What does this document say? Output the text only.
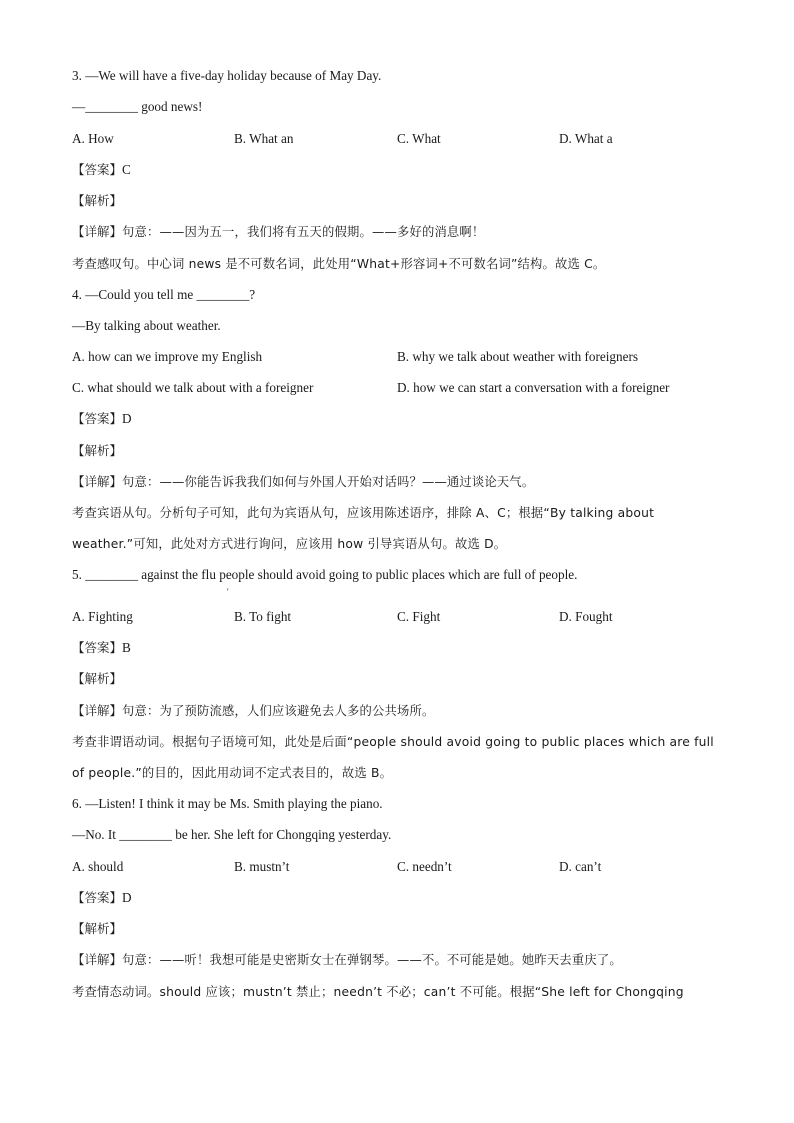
3. —We will have a five-day holiday because of May Day.
—________ good news!
A. How	B. What an	C. What	D. What a
【答案】C
【解析】
【详解】句意：——因为五一，我们将有五天的假期。——多好的消息啊！
考查感叹句。中心词 news 是不可数名词，此处用“What+形容词+不可数名词”结构。故选 C。
4. —Could you tell me ________?
—By talking about weather.
A. how can we improve my English	B. why we talk about weather with foreigners
C. what should we talk about with a foreigner	D. how we can start a conversation with a foreigner
【答案】D
【解析】
【详解】句意：——你能告诉我我们如何与外国人开始对话吗？——通过谈论天气。
考查宾语从句。分析句子可知，此句为宾语从句，应该用陈述语序，排除 A、C；根据“By talking about
weather.”可知，此处对方式进行询问，应该用 how 引导宾语从句。故选 D。
5. ________ against the flu people should avoid going to public places which are full of people.
'
A. Fighting	B. To fight	C. Fight	D. Fought
【答案】B
【解析】
【详解】句意：为了预防流感，人们应该避免去人多的公共场所。
考查非谓语动词。根据句子语境可知，此处是后面“people should avoid going to public places which are full
of people.”的目的，因此用动词不定式表目的，故选 B。
6. —Listen! I think it may be Ms. Smith playing the piano.
—No. It ________ be her. She left for Chongqing yesterday.
A. should	B. mustn’t	C. needn’t	D. can’t
【答案】D
【解析】
【详解】句意：——听！我想可能是史密斯女士在弹钢琴。——不。不可能是她。她昨天去重庆了。
考查情态动词。should 应该；mustn’t 禁止；needn’t 不必；can’t 不可能。根据“She left for Chongqing
